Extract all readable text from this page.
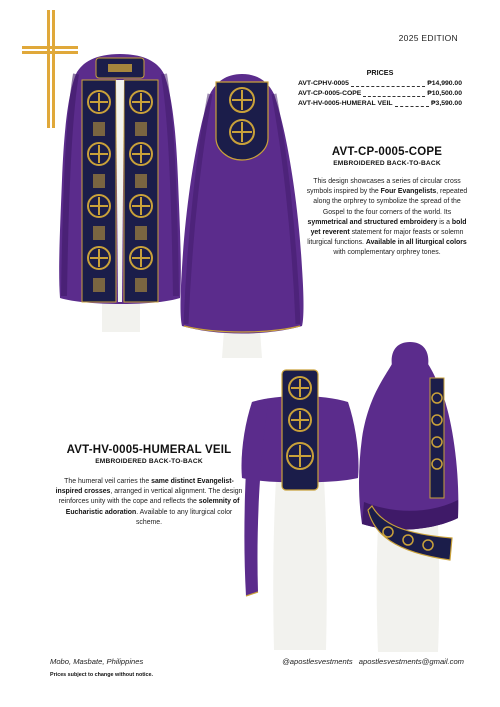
2025 EDITION
PRICES
AVT-CPHV-0005	₱14,990.00
AVT-CP-0005-COPE	₱10,500.00
AVT-HV-0005-HUMERAL VEIL	₱3,590.00
AVT-CP-0005-COPE
EMBROIDERED BACK-TO-BACK
This design showcases a series of circular cross symbols inspired by the Four Evangelists, repeated along the orphrey to symbolize the spread of the Gospel to the four corners of the world. Its symmetrical and structured embroidery is a bold yet reverent statement for major feasts or solemn liturgical functions. Available in all liturgical colors with complementary orphrey tones.
AVT-HV-0005-HUMERAL VEIL
EMBROIDERED BACK-TO-BACK
The humeral veil carries the same distinct Evangelist-inspired crosses, arranged in vertical alignment. The design reinforces unity with the cope and reflects the solemnity of Eucharistic adoration. Available to any liturgical color scheme.
Mobo, Masbate, Philippines	@apostlesvestments apostlesvestments@gmail.com
Prices subject to change without notice.
